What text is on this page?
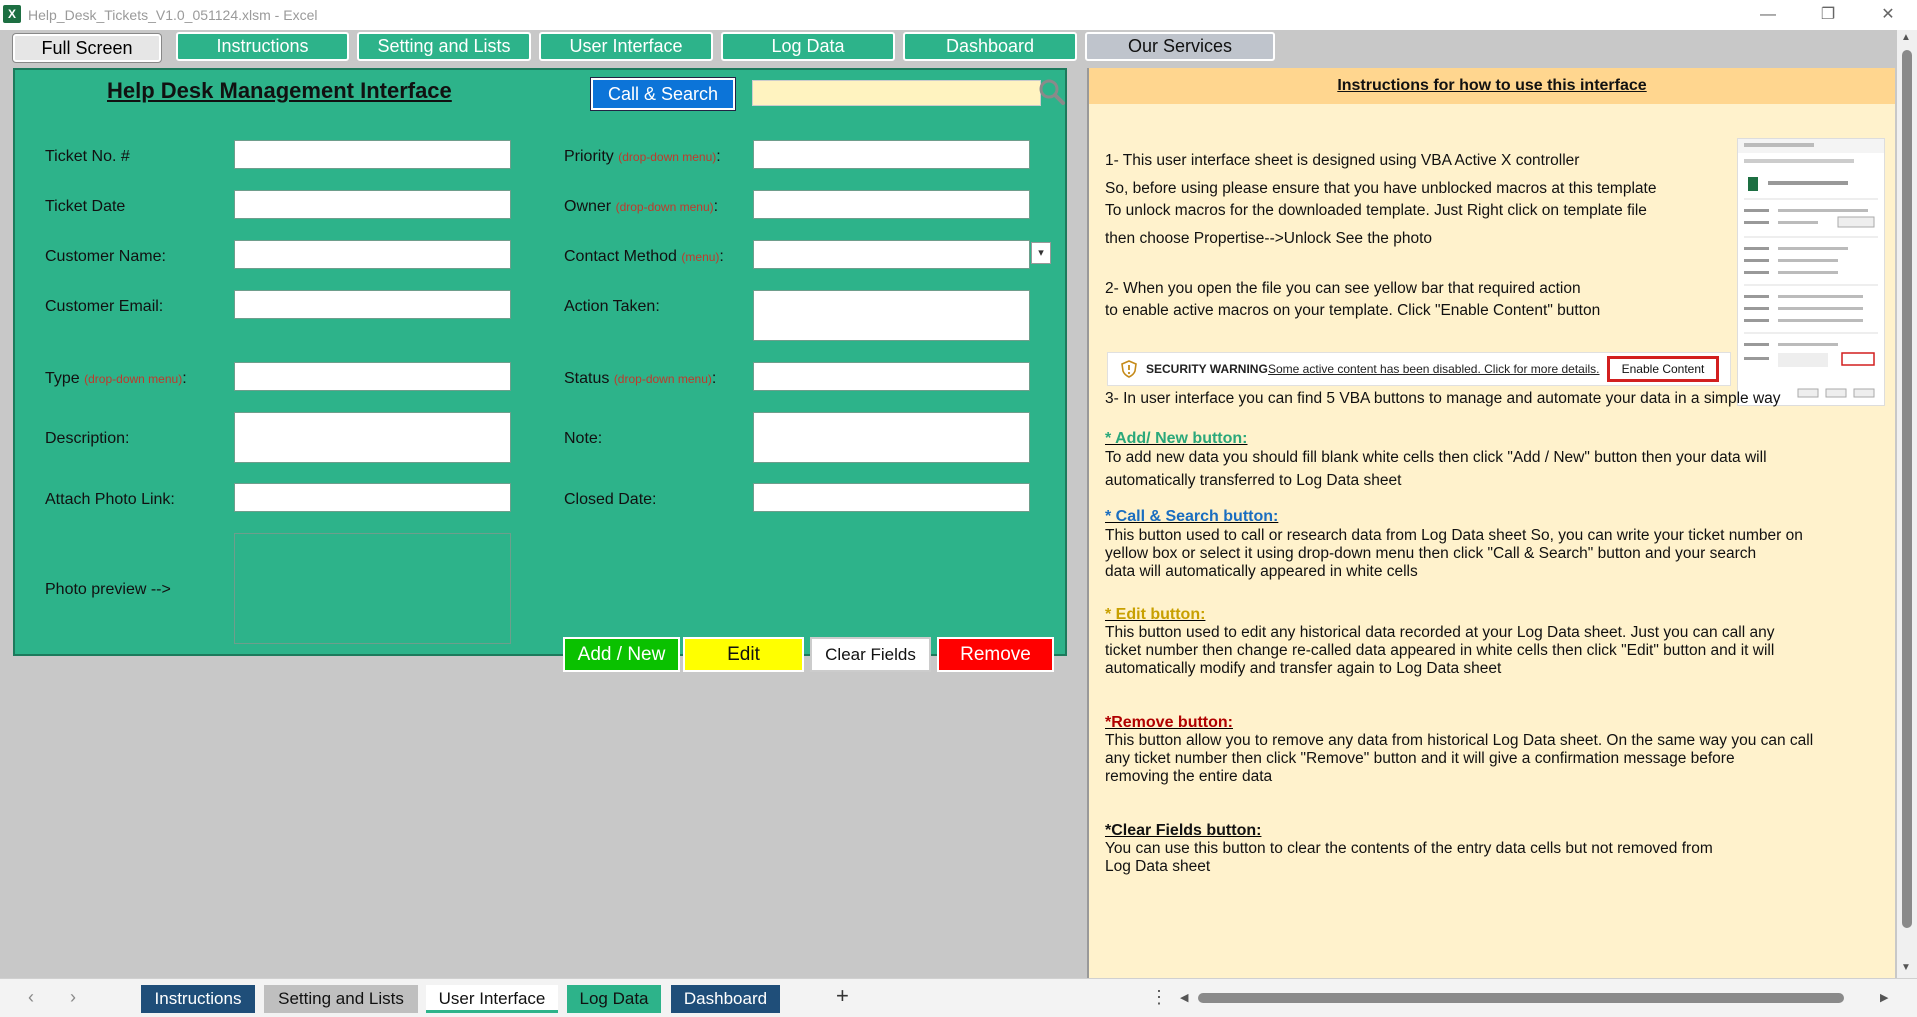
X Help_Desk_Tickets_V1.0_051124.xlsm - Excel	—	❐	✕
Full Screen	Instructions	Setting and Lists	User Interface	Log Data	Dashboard	Our Services
Help Desk Management Interface	Call & Search
Ticket No. #
Ticket Date
Customer Name:
Customer Email:
Type (drop-down menu):
Description:
Attach Photo Link:
Photo preview -->
Priority (drop-down menu):
Owner (drop-down menu):
Contact Method (menu):
Action Taken:
Status (drop-down menu):
Note:
Closed Date:
▾
Add / New	Edit	Clear Fields	Remove
Instructions for how to use this interface
1- This user interface sheet is designed using VBA Active X controller
So, before using please ensure that you have unblocked macros at this template
To unlock macros for the downloaded template. Just Right click on template file
then choose Propertise-->Unlock See the photo
2- When you open the file you can see yellow bar that required action
to enable active macros on your template. Click "Enable Content" button
SECURITY WARNING Some active content has been disabled. Click for more details.	Enable Content
3- In user interface you can find 5 VBA buttons to manage and automate your data in a simple way
* Add/ New button:
To add new data you should fill blank white cells then click "Add / New" button then your data will
automatically transferred to Log Data sheet
* Call & Search button:
This button used to call or research data from Log Data sheet So, you can write your ticket number on
yellow box or select it using drop-down menu then click "Call & Search" button and your search
data will automatically appeared in white cells
* Edit button:
This button used to edit any historical data recorded at your Log Data sheet. Just you can call any
ticket number then change re-called data appeared in white cells then click "Edit" button and it will
automatically modify and transfer again to Log Data sheet
*Remove button:
This button allow you to remove any data from historical Log Data sheet. On the same way you can call
any ticket number then click "Remove" button and it will give a confirmation message before
removing the entire data
*Clear Fields button:
You can use this button to clear the contents of the entry data cells but not removed from
Log Data sheet
▲
▼
‹ ›	Instructions	Setting and Lists	User Interface	Log Data	Dashboard	+	⋮ ◀	▶
